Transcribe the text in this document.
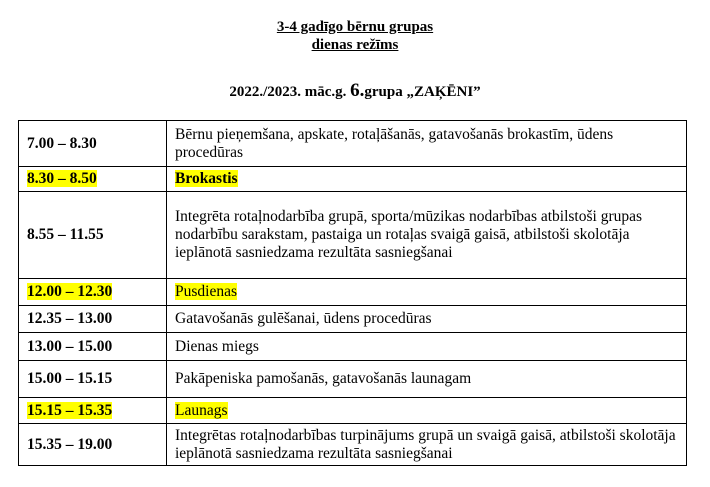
3-4 gadīgo bērnu grupas
dienas režīms
2022./2023. māc.g. 6.grupa „ZAĶĒNI”
7.00 – 8.30	Bērnu pieņemšana, apskate, rotaļāšanās, gatavošanās brokastīm, ūdens procedūras
8.30 – 8.50	Brokastis
8.55 – 11.55	Integrēta rotaļnodarbība grupā, sporta/mūzikas nodarbības atbilstoši grupas nodarbību sarakstam, pastaiga un rotaļas svaigā gaisā, atbilstoši skolotāja ieplānotā sasniedzama rezultāta sasniegšanai
12.00 – 12.30	Pusdienas
12.35 – 13.00	Gatavošanās gulēšanai, ūdens procedūras
13.00 – 15.00	Dienas miegs
15.00 – 15.15	Pakāpeniska pamošanās, gatavošanās launagam
15.15 – 15.35	Launags
15.35 – 19.00	Integrētas rotaļnodarbības turpinājums grupā un svaigā gaisā, atbilstoši skolotāja ieplānotā sasniedzama rezultāta sasniegšanai
